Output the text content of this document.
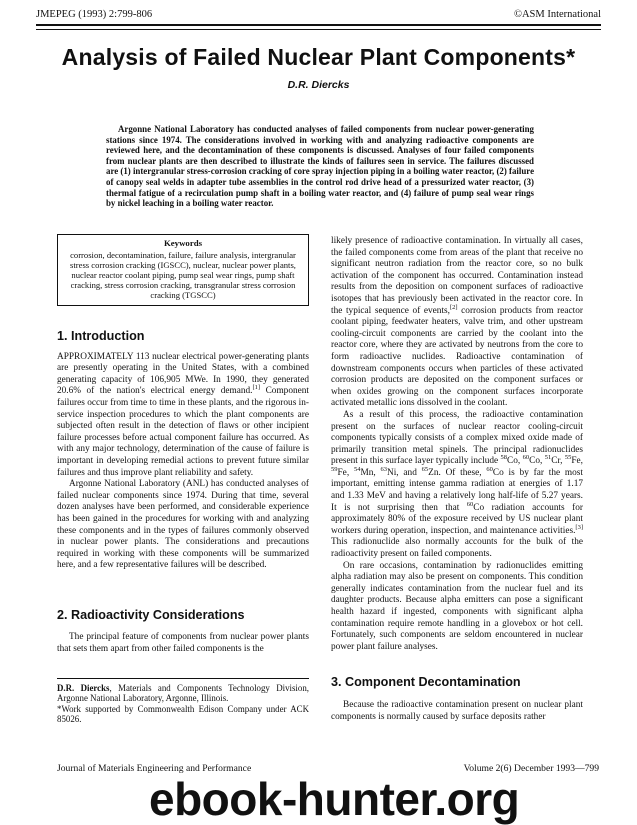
JMEPEG (1993) 2:799-806	©ASM International
Analysis of Failed Nuclear Plant Components*
D.R. Diercks

Argonne National Laboratory has conducted analyses of failed components from nuclear power-generating stations since 1974. The considerations involved in working with and analyzing radioactive components are reviewed here, and the decontamination of these components is discussed. Analyses of four failed components from nuclear plants are then described to illustrate the kinds of failures seen in service. The failures discussed are (1) intergranular stress-corrosion cracking of core spray injection piping in a boiling water reactor, (2) failure of canopy seal welds in adapter tube assemblies in the control rod drive head of a pressurized water reactor, (3) thermal fatigue of a recirculation pump shaft in a boiling water reactor, and (4) failure of pump seal wear rings by nickel leaching in a boiling water reactor.

Keywords
corrosion, decontamination, failure, failure analysis, intergranular stress corrosion cracking (IGSCC), nuclear, nuclear power plants, nuclear reactor coolant piping, pump seal wear rings, pump shaft cracking, stress corrosion cracking, transgranular stress corrosion cracking (TGSCC)
1. Introduction

APPROXIMATELY 113 nuclear electrical power-generating plants are presently operating in the United States, with a combined generating capacity of 106,905 MWe. In 1990, they generated 20.6% of the nation's electrical energy demand.[1] Component failures occur from time to time in these plants, and the rigorous in-service inspection procedures to which the plant components are subjected often result in the detection of flaws or other incipient failure processes before actual component failure has occurred. As with any major technology, determination of the cause of failure is important in developing remedial actions to prevent future similar failures and thus improve plant reliability and safety.

Argonne National Laboratory (ANL) has conducted analyses of failed nuclear components since 1974. During that time, several dozen analyses have been performed, and considerable experience has been gained in the procedures for working with and analyzing these components and in the types of failures commonly observed in nuclear power plants. The considerations and precautions required in working with these components will be summarized here, and a few representative failures will be described.

2. Radioactivity Considerations

The principal feature of components from nuclear power plants that sets them apart from other failed components is the

D.R. Diercks, Materials and Components Technology Division, Argonne National Laboratory, Argonne, Illinois.

*Work supported by Commonwealth Edison Company under ACK 85026.

likely presence of radioactive contamination. In virtually all cases, the failed components come from areas of the plant that receive no significant neutron radiation from the reactor core, so no bulk activation of the component has occurred. Contamination instead results from the deposition on component surfaces of radioactive isotopes that has previously been activated in the reactor core. In the typical sequence of events,[2] corrosion products from reactor coolant piping, feedwater heaters, valve trim, and other upstream cooling-circuit components are carried by the coolant into the reactor core, where they are activated by neutrons from the core to form radioactive nuclides. Radioactive contamination of downstream components occurs when particles of these activated corrosion products are deposited on the component surfaces or when oxides growing on the component surfaces incorporate activated metallic ions dissolved in the coolant.

As a result of this process, the radioactive contamination present on the surfaces of nuclear reactor cooling-circuit components typically consists of a complex mixed oxide made of primarily transition metal spinels. The principal radionuclides present in this surface layer typically include $^{58}$Co, $^{60}$Co, $^{51}$Cr, $^{55}$Fe, $^{59}$Fe, $^{54}$Mn, $^{63}$Ni, and $^{65}$Zn. Of these, $^{60}$Co is by far the most important, emitting intense gamma radiation at energies of 1.17 and 1.33 MeV and having a relatively long half-life of 5.27 years. It is not surprising then that $^{60}$Co radiation accounts for approximately 80% of the exposure received by US nuclear plant workers during operation, inspection, and maintenance activities.[3] This radionuclide also normally accounts for the bulk of the radioactivity present on failed components.

On rare occasions, contamination by radionuclides emitting alpha radiation may also be present on components. This condition generally indicates contamination from the nuclear fuel and its daughter products. Because alpha emitters can pose a significant health hazard if ingested, components with significant alpha contamination require remote handling in a glovebox or hot cell. Fortunately, such components are seldom encountered in nuclear power plant failure analyses.

3. Component Decontamination

Because the radioactive contamination present on nuclear plant components is normally caused by surface deposits rather

Journal of Materials Engineering and Performance	Volume 2(6) December 1993—799
ebook-hunter.org
